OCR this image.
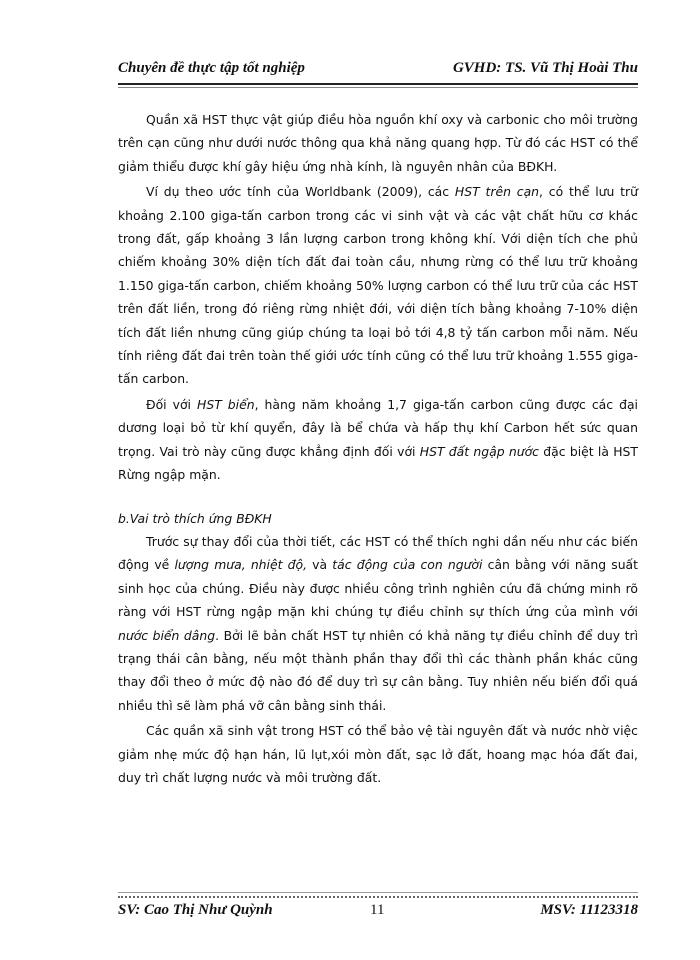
Chuyên đề thực tập tốt nghiệp	GVHD: TS. Vũ Thị Hoài Thu

Quần xã HST thực vật giúp điều hòa nguồn khí oxy và carbonic cho môi trường trên cạn cũng như dưới nước thông qua khả năng quang hợp. Từ đó các HST có thể giảm thiểu được khí gây hiệu ứng nhà kính, là nguyên nhân của BĐKH.

Ví dụ theo ước tính của Worldbank (2009), các HST trên cạn, có thể lưu trữ khoảng 2.100 giga-tấn carbon trong các vi sinh vật và các vật chất hữu cơ khác trong đất, gấp khoảng 3 lần lượng carbon trong không khí. Với diện tích che phủ chiếm khoảng 30% diện tích đất đai toàn cầu, nhưng rừng có thể lưu trữ khoảng 1.150 giga-tấn carbon, chiếm khoảng 50% lượng carbon có thể lưu trữ của các HST trên đất liền, trong đó riêng rừng nhiệt đới, với diện tích bằng khoảng 7-10% diện tích đất liền nhưng cũng giúp chúng ta loại bỏ tới 4,8 tỷ tấn carbon mỗi năm. Nếu tính riêng đất đai trên toàn thế giới ước tính cũng có thể lưu trữ khoảng 1.555 giga-tấn carbon.

Đối với HST biển, hàng năm khoảng 1,7 giga-tấn carbon cũng được các đại dương loại bỏ từ khí quyển, đây là bể chứa và hấp thụ khí Carbon hết sức quan trọng. Vai trò này cũng được khẳng định đối với HST đất ngập nước đặc biệt là HST Rừng ngập mặn.

b.Vai trò thích ứng BĐKH

Trước sự thay đổi của thời tiết, các HST có thể thích nghi dần nếu như các biến động về lượng mưa, nhiệt độ, và tác động của con người cân bằng với năng suất sinh học của chúng. Điều này được nhiều công trình nghiên cứu đã chứng minh rõ ràng với HST rừng ngập mặn khi chúng tự điều chỉnh sự thích ứng của mình với nước biển dâng. Bởi lẽ bản chất HST tự nhiên có khả năng tự điều chỉnh để duy trì trạng thái cân bằng, nếu một thành phần thay đổi thì các thành phần khác cũng thay đổi theo ở mức độ nào đó để duy trì sự cân bằng. Tuy nhiên nếu biến đổi quá nhiều thì sẽ làm phá vỡ cân bằng sinh thái.

Các quần xã sinh vật trong HST có thể bảo vệ tài nguyên đất và nước nhờ việc giảm nhẹ mức độ hạn hán, lũ lụt,xói mòn đất, sạc lở đất, hoang mạc hóa đất đai, duy trì chất lượng nước và môi trường đất.

SV: Cao Thị Như Quỳnh	11	MSV: 11123318
